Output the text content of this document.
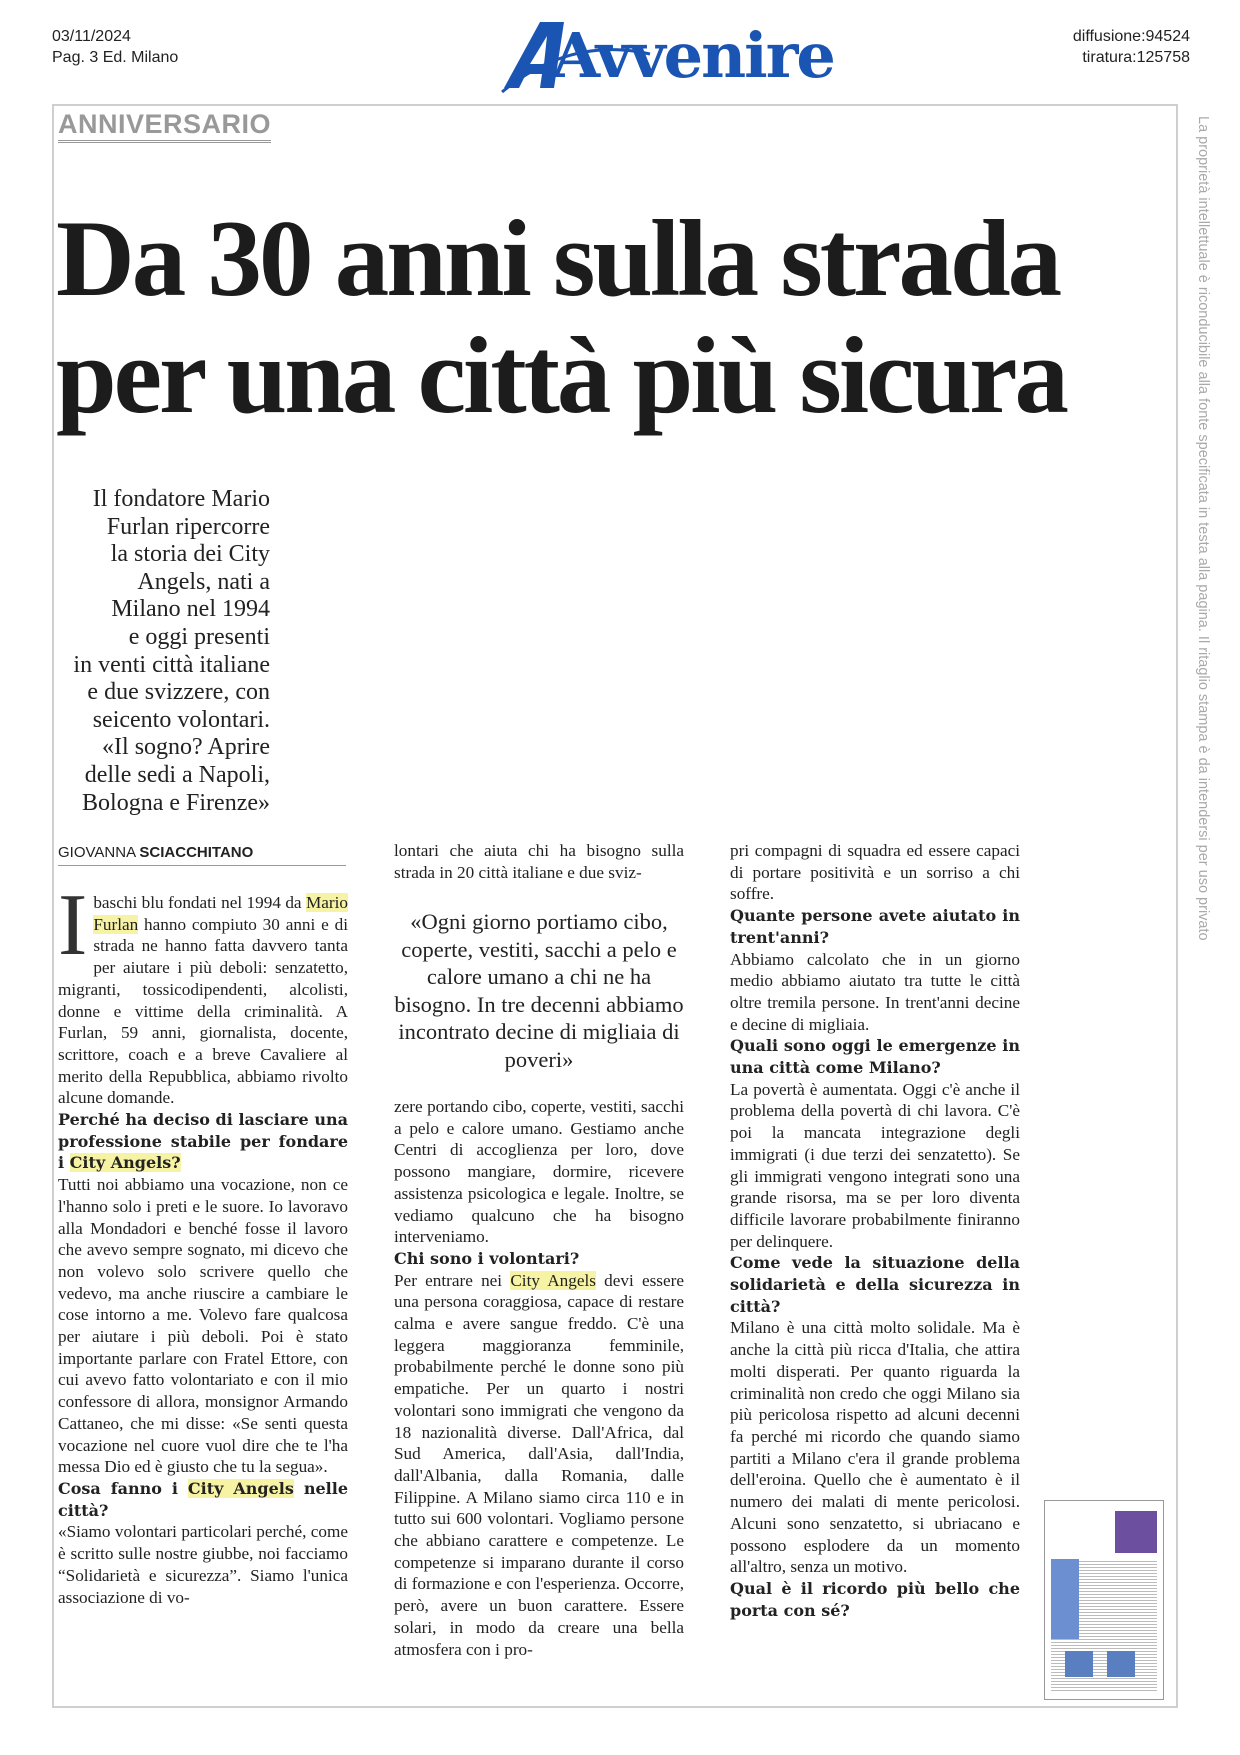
03/11/2024
Pag. 3 Ed. Milano	Avvenire	diffusione:94524
tiratura:125758
La proprietà intellettuale è riconducibile alla fonte specificata in testa alla pagina. Il ritaglio stampa è da intendersi per uso privato
ANNIVERSARIO
Da 30 anni sulla strada
per una città più sicura
Il fondatore Mario
Furlan ripercorre
la storia dei City
Angels, nati a
Milano nel 1994
e oggi presenti
in venti città italiane
e due svizzere, con
seicento volontari.
«Il sogno? Aprire
delle sedi a Napoli,
Bologna e Firenze»
GIOVANNA SCIACCHITANO

Ibaschi blu fondati nel 1994 da Mario Furlan hanno compiuto 30 anni e di strada ne hanno fatta davvero tanta per aiutare i più deboli: senzatetto, migranti, tossicodipendenti, alcolisti, donne e vittime della criminalità. A Furlan, 59 anni, giornalista, docente, scrittore, coach e a breve Cavaliere al merito della Repubblica, abbiamo rivolto alcune domande.

Perché ha deciso di lasciare una professione stabile per fondare i City Angels?

Tutti noi abbiamo una vocazione, non ce l'hanno solo i preti e le suore. Io lavoravo alla Mondadori e benché fosse il lavoro che avevo sempre sognato, mi dicevo che non volevo solo scrivere quello che vedevo, ma anche riuscire a cambiare le cose intorno a me. Volevo fare qualcosa per aiutare i più deboli. Poi è stato importante parlare con Fratel Ettore, con cui avevo fatto volontariato e con il mio confessore di allora, monsignor Armando Cattaneo, che mi disse: «Se senti questa vocazione nel cuore vuol dire che te l'ha messa Dio ed è giusto che tu la segua».

Cosa fanno i City Angels nelle città?

«Siamo volontari particolari perché, come è scritto sulle nostre giubbe, noi facciamo “Solidarietà e sicurezza”. Siamo l'unica associazione di vo-

lontari che aiuta chi ha bisogno sulla strada in 20 città italiane e due sviz-

«Ogni giorno portiamo cibo, coperte, vestiti, sacchi a pelo e calore umano a chi ne ha bisogno. In tre decenni abbiamo incontrato decine di migliaia di poveri»

zere portando cibo, coperte, vestiti, sacchi a pelo e calore umano. Gestiamo anche Centri di accoglienza per loro, dove possono mangiare, dormire, ricevere assistenza psicologica e legale. Inoltre, se vediamo qualcuno che ha bisogno interveniamo.

Chi sono i volontari?

Per entrare nei City Angels devi essere una persona coraggiosa, capace di restare calma e avere sangue freddo. C'è una leggera maggioranza femminile, probabilmente perché le donne sono più empatiche. Per un quarto i nostri volontari sono immigrati che vengono da 18 nazionalità diverse. Dall'Africa, dal Sud America, dall'Asia, dall'India, dall'Albania, dalla Romania, dalle Filippine. A Milano siamo circa 110 e in tutto sui 600 volontari. Vogliamo persone che abbiano carattere e competenze. Le competenze si imparano durante il corso di formazione e con l'esperienza. Occorre, però, avere un buon carattere. Essere solari, in modo da creare una bella atmosfera con i pro-

pri compagni di squadra ed essere capaci di portare positività e un sorriso a chi soffre.

Quante persone avete aiutato in trent'anni?

Abbiamo calcolato che in un giorno medio abbiamo aiutato tra tutte le città oltre tremila persone. In trent'anni decine e decine di migliaia.

Quali sono oggi le emergenze in una città come Milano?

La povertà è aumentata. Oggi c'è anche il problema della povertà di chi lavora. C'è poi la mancata integrazione degli immigrati (i due terzi dei senzatetto). Se gli immigrati vengono integrati sono una grande risorsa, ma se per loro diventa difficile lavorare probabilmente finiranno per delinquere.

Come vede la situazione della solidarietà e della sicurezza in città?

Milano è una città molto solidale. Ma è anche la città più ricca d'Italia, che attira molti disperati. Per quanto riguarda la criminalità non credo che oggi Milano sia più pericolosa rispetto ad alcuni decenni fa perché mi ricordo che quando siamo partiti a Milano c'era il grande problema dell'eroina. Quello che è aumentato è il numero dei malati di mente pericolosi. Alcuni sono senzatetto, si ubriacano e possono esplodere da un momento all'altro, senza un motivo.

Qual è il ricordo più bello che porta con sé?
